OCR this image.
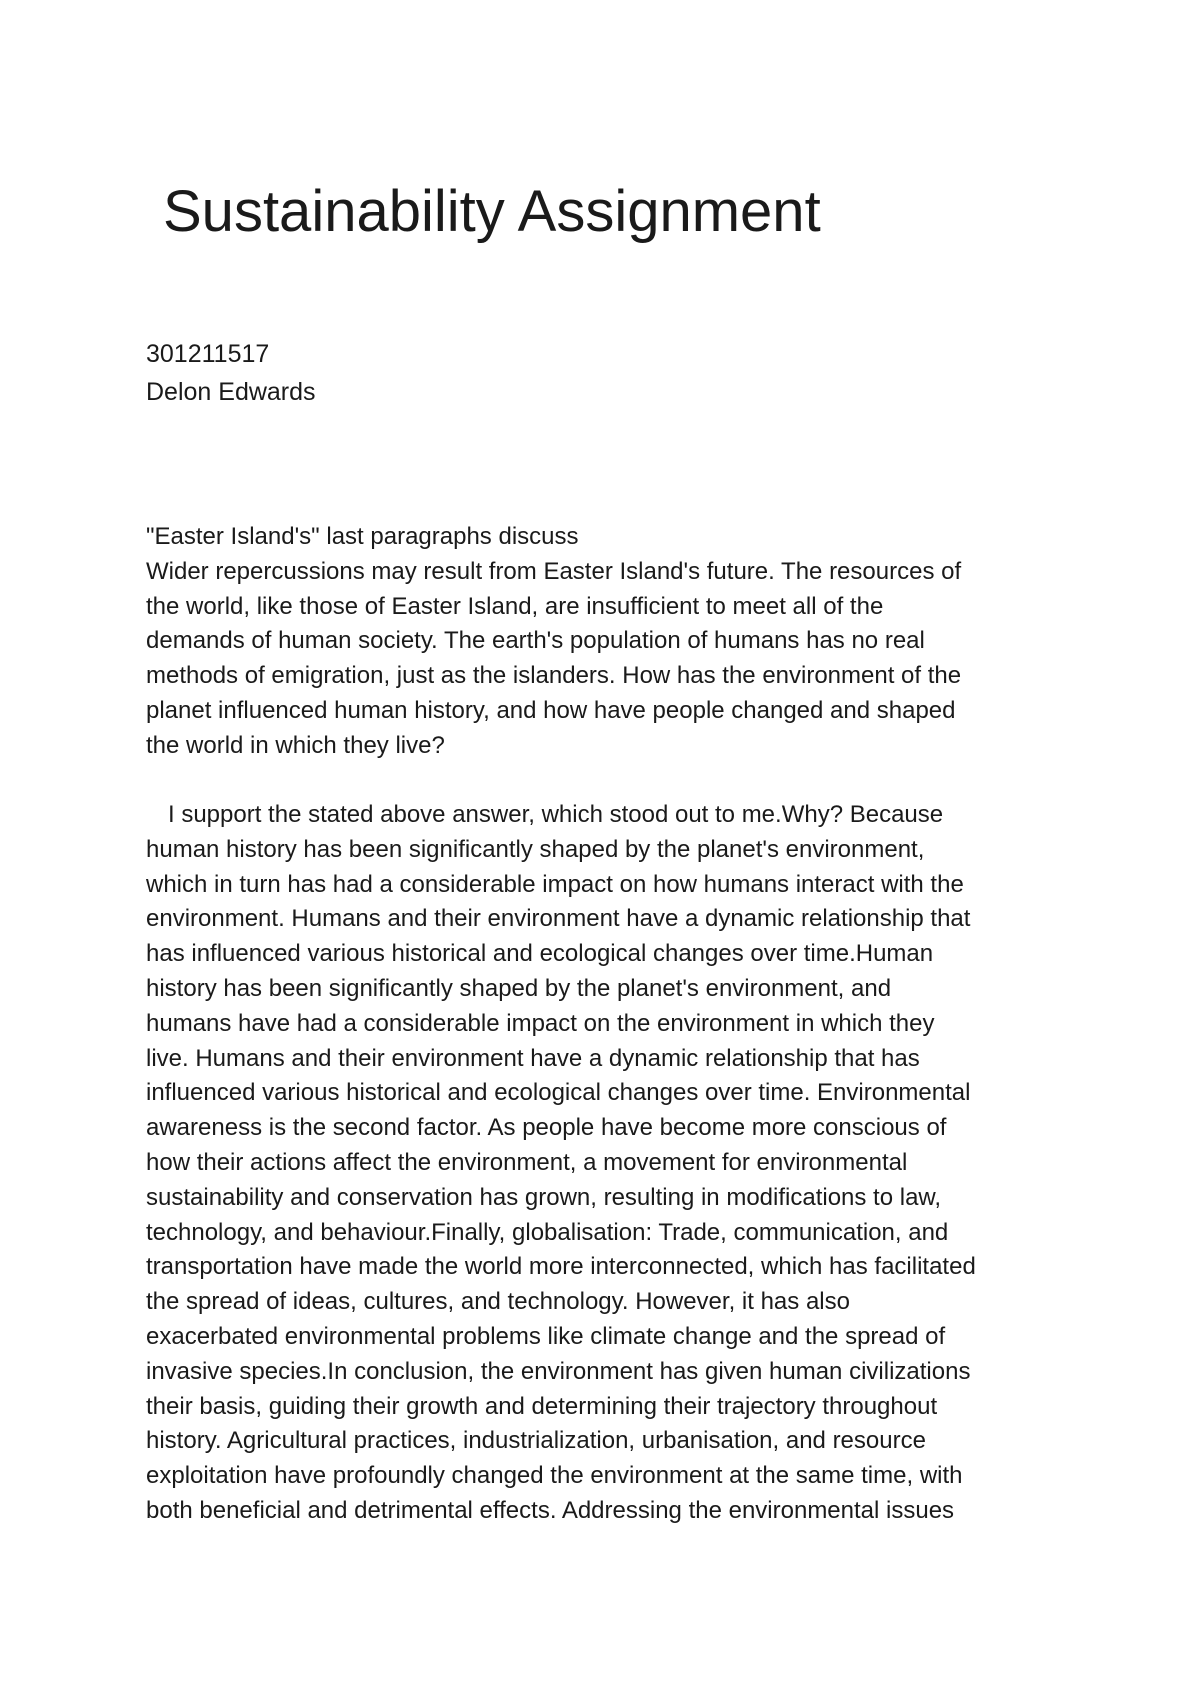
Sustainability Assignment
301211517
Delon Edwards
"Easter Island's" last paragraphs discuss
Wider repercussions may result from Easter Island's future. The resources of
the world, like those of Easter Island, are insufficient to meet all of the
demands of human society. The earth's population of humans has no real
methods of emigration, just as the islanders. How has the environment of the
planet influenced human history, and how have people changed and shaped
the world in which they live?
I support the stated above answer, which stood out to me.Why? Because
human history has been significantly shaped by the planet's environment,
which in turn has had a considerable impact on how humans interact with the
environment. Humans and their environment have a dynamic relationship that
has influenced various historical and ecological changes over time.Human
history has been significantly shaped by the planet's environment, and
humans have had a considerable impact on the environment in which they
live. Humans and their environment have a dynamic relationship that has
influenced various historical and ecological changes over time. Environmental
awareness is the second factor. As people have become more conscious of
how their actions affect the environment, a movement for environmental
sustainability and conservation has grown, resulting in modifications to law,
technology, and behaviour.Finally, globalisation: Trade, communication, and
transportation have made the world more interconnected, which has facilitated
the spread of ideas, cultures, and technology. However, it has also
exacerbated environmental problems like climate change and the spread of
invasive species.In conclusion, the environment has given human civilizations
their basis, guiding their growth and determining their trajectory throughout
history. Agricultural practices, industrialization, urbanisation, and resource
exploitation have profoundly changed the environment at the same time, with
both beneficial and detrimental effects. Addressing the environmental issues
